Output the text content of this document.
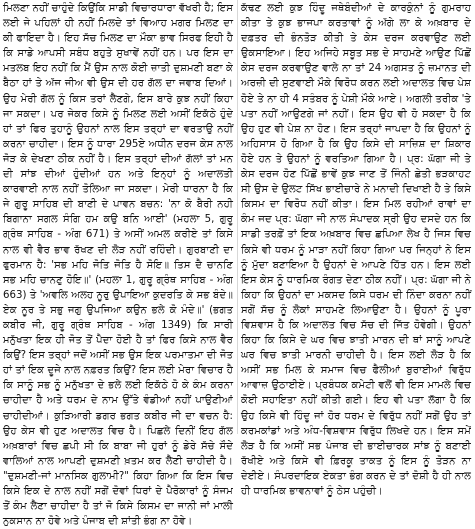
ਮਿਲਣਾ ਨਹੀਂ ਚਾਹੁੰਦੇ ਕਿਉਂਕਿ ਸਾਡੀ ਵਿਚਾਰਧਾਰਾ ਵੱਖਰੀ ਹੈ; ਇਸ ਲਈ ਜੇ ਪਹਿਲਾਂ ਹੀ ਨਹੀਂ ਮਿਲਦੇ ਤਾਂ ਵਿਆਹ ਮਗਰ ਮਿਲਣ ਦਾ ਕੀ ਫਾਇਦਾ ਹੈ। ਇਹ ਸੱਚ ਮਿਲਣ ਦਾ ਮੌਕਾ ਭਾਵ ਸਿਰਫ ਇਹੀ ਹੈ ਕਿ ਸਾਡੇ ਆਪਸੀ ਸਬੰਧ ਬਹੁਤੇ ਸੁਖਾਵੇਂ ਨਹੀਂ ਹਨ। ਪਰ ਇਸ ਦਾ ਮਤਲਬ ਇਹ ਨਹੀਂ ਕਿ ਮੈਂ ਉਸ ਨਾਲ ਕੋਈ ਜ਼ਾਤੀ ਦੁਸ਼ਮਣੀ ਬਣਾ ਕੇ ਬੈਠਾ ਹਾਂ ਤੇ ਅੱਜ ਜੀਅ ਵੀ ਉਸ ਦੀ ਹਰ ਗੱਲ ਦਾ ਜਵਾਬ ਦਿਆਂ। ਉਹ ਮੇਰੀ ਗੱਲ ਨੂੰ ਕਿਸ ਤਰਾਂ ਲੈਣਗੇ, ਇਸ ਬਾਰੇ ਕੁਝ ਨਹੀਂ ਕਿਹਾ ਜਾ ਸਕਦਾ। ਪਰ ਜੇਕਰ ਕਿਸੇ ਨੂੰ ਮਿਲਣ ਲਈ ਅਸੀਂ ਇਕੱਠੇ ਹੁੰਦੇ ਹਾਂ ਤਾਂ ਫਿਰ ਤੁਹਾਨੂੰ ਉਹਨਾਂ ਨਾਲ ਇਸ ਤਰ੍ਹਾਂ ਦਾ ਵਰਤਾਉ ਨਹੀਂ ਕਰਨਾ ਚਾਹੀਦਾ। ਇਸ ਨੂੰ ਧਾਰਾ 295ਏ ਅਧੀਨ ਦਰਜ ਕੇਸ ਨਾਲ ਜੋੜ ਕੇ ਦੇਖਣਾ ਠੀਕ ਨਹੀਂ ਹੈ। ਇਸ ਤਰ੍ਹਾਂ ਦੀਆਂ ਗੱਲਾਂ ਤਾਂ ਮਨ ਦੀ ਸਾਂਝ ਦੀਆਂ ਹੁੰਦੀਆਂ ਹਨ ਅਤੇ ਇਨ੍ਹਾਂ ਨੂੰ ਅਦਾਲਤੀ ਕਾਰਵਾਈ ਨਾਲ ਨਹੀਂ ਤੋਲਿਆ ਜਾ ਸਕਦਾ। ਮੇਰੀ ਧਾਰਨਾ ਹੈ ਕਿ ਜੇ ਗੁਰੂ ਸਾਹਿਬ ਦੀ ਬਾਣੀ ਦੇ ਪਾਵਨ ਬਚਨ: 'ਨਾ ਕੋ ਬੈਰੀ ਨਹੀ ਬਿਗਾਨਾ ਸਗਲ ਸੰਗਿ ਹਮ ਕਉ ਬਨਿ ਆਈ' (ਮਹਲਾ 5, ਗੁਰੂ ਗ੍ਰੰਥ ਸਾਹਿਬ - ਅੰਗ 671) ਤੇ ਅਸੀਂ ਅਮਲ ਕਰੀਏ ਤਾਂ ਕਿਸੇ ਨਾਲ ਵੀ ਵੈਰ ਭਾਵ ਰੱਖਣ ਦੀ ਲੋੜ ਨਹੀਂ ਰਹਿੰਦੀ। ਗੁਰਬਾਣੀ ਦਾ ਫੁਰਮਾਨ ਹੈ: 'ਸਭ ਮਹਿ ਜੋਤਿ ਜੋਤਿ ਹੈ ਸੋਇ॥ ਤਿਸ ਦੈ ਚਾਨਣਿ ਸਭ ਮਹਿ ਚਾਨਣੁ ਹੋਇ॥' (ਮਹਲਾ 1, ਗੁਰੂ ਗ੍ਰੰਥ ਸਾਹਿਬ - ਅੰਗ 663) ਤੇ 'ਅਵਲਿ ਅਲਹ ਨੂਰੁ ਉਪਾਇਆ ਕੁਦਰਤਿ ਕੇ ਸਭ ਬੰਦੇ॥ ਏਕ ਨੂਰ ਤੇ ਸਭੁ ਜਗੁ ਉਪਜਿਆ ਕਉਨ ਭਲੇ ਕੋ ਮੰਦੇ॥' (ਭਗਤ ਕਬੀਰ ਜੀ, ਗੁਰੂ ਗ੍ਰੰਥ ਸਾਹਿਬ - ਅੰਗ 1349) ਕਿ ਸਾਰੀ ਮਨੁੱਖਤਾ ਇਕ ਹੀ ਜੋਤ ਤੋਂ ਪੈਦਾ ਹੋਈ ਹੈ ਤਾਂ ਫਿਰ ਕਿਸੇ ਨਾਲ ਵੈਰ ਕਿਉਂ? ਇਸ ਤਰ੍ਹਾਂ ਜਦੋਂ ਅਸੀਂ ਸਭ ਉਸ ਇਕ ਪਰਮਾਤਮਾ ਦੀ ਜੋਤ ਹਾਂ ਤਾਂ ਇਕ ਦੂਜੇ ਨਾਲ ਨਫ਼ਰਤ ਕਿਉਂ? ਇਸ ਲਈ ਮੇਰਾ ਵਿਚਾਰ ਹੈ ਕਿ ਸਾਨੂੰ ਸਭ ਨੂੰ ਮਨੁੱਖਤਾ ਦੇ ਭਲੇ ਲਈ ਇਕੱਠੇ ਹੋ ਕੇ ਕੰਮ ਕਰਨਾ ਚਾਹੀਦਾ ਹੈ ਅਤੇ ਧਰਮ ਦੇ ਨਾਮ ਉੱਤੇ ਵੰਡੀਆਂ ਨਹੀਂ ਪਾਉਣੀਆਂ ਚਾਹੀਦੀਆਂ। ਕੁੜਿਆਰੀ ਡਗਰ ਭਗਤ ਕਬੀਰ ਜੀ ਦਾ ਵਚਨ ਹੈ: ਉਹ ਕੇਸ ਵੀ ਹੁਣ ਅਦਾਲਤ ਵਿਚ ਹੈ। ਪਿਛਲੇ ਦਿਨੀਂ ਇਹ ਗੱਲ ਅਖ਼ਬਾਰਾਂ ਵਿਚ ਛਪੀ ਸੀ ਕਿ ਬਾਬਾ ਜੀ ਹੁਰਾਂ ਨੂੰ ਡੇਰੇ ਸੱਚੇ ਸੌਦੇ ਵਾਲਿਆਂ ਨਾਲ ਆਪਣੀ ਦੁਸ਼ਮਣੀ ਖ਼ਤਮ ਕਰ ਲੈਣੀ ਚਾਹੀਦੀ ਹੈ। "ਦੁਸ਼ਮਣੀ-ਜਾਂ ਮਾਨਸਿਕ ਗੁਲਾਮੀ?" ਕਿਹਾ ਗਿਆ ਕਿ ਇਸ ਵਿਚ ਕਿਸੇ ਇਕ ਦੇ ਨਾਲ ਨਹੀਂ ਸਗੋਂ ਦੋਵਾਂ ਧਿਰਾਂ ਦੇ ਪੈਰੋਕਾਰਾਂ ਨੂੰ ਸੰਜਮ ਤੋਂ ਕੰਮ ਲੈਣਾ ਚਾਹੀਦਾ ਹੈ ਤਾਂ ਜੋ ਕਿਸੇ ਕਿਸਮ ਦਾ ਜਾਨੀ ਜਾਂ ਮਾਲੀ ਨੁਕਸਾਨ ਨਾ ਹੋਵੇ ਅਤੇ ਪੰਜਾਬ ਦੀ ਸ਼ਾਂਤੀ ਭੰਗ ਨਾ ਹੋਵੇ।

ਕੱਢਣ ਲਈ ਕੁਝ ਹਿੰਦੂ ਜਥੇਬੰਦੀਆਂ ਦੇ ਕਾਰਕੁੰਨਾਂ ਨੂੰ ਗੁਮਰਾਹ ਕੀਤਾ ਤੇ ਕੁਝ ਭਾਜਪਾ ਕਰਤਾਵਾਂ ਨੂੰ ਅੱਗੇ ਲਾ ਕੇ ਅਖ਼ਬਾਰ ਦੇ ਦਫ਼ਤਰ ਦੀ ਭੰਨਤੋੜ ਕੀਤੀ ਤੇ ਕੇਸ ਦਰਜ ਕਰਵਾਉਣ ਲਈ ਉਕਸਾਇਆ। ਇਹ ਅਜਿਹੇ ਸਬੂਤ ਸਭ ਦੇ ਸਾਹਮਣੇ ਆਉਣ ਪਿੱਛੋਂ ਕੇਸ ਦਰਜ ਕਰਵਾਉਣ ਵਾਲੇ ਨਾ ਤਾਂ 24 ਅਗਸਤ ਨੂੰ ਜ਼ਮਾਨਤ ਦੀ ਅਰਜ਼ੀ ਦੀ ਸੁਣਵਾਈ ਮੌਕੇ ਵਿਰੋਧ ਕਰਨ ਲਈ ਅਦਾਲਤ ਵਿਚ ਪੇਸ਼ ਹੋਏ ਤੇ ਨਾ ਹੀ 4 ਸਤੰਬਰ ਨੂੰ ਪੇਸ਼ੀ ਮੌਕੇ ਆਏ। ਅਗਲੀ ਤਰੀਕ 'ਤੇ ਪਤਾ ਨਹੀਂ ਆਉਣਗੇ ਜਾਂ ਨਹੀਂ। ਇਸ ਉਹ ਵੀ ਹੋ ਸਕਦਾ ਹੈ ਕਿ ਉਹ ਹੁਣ ਵੀ ਪੇਸ਼ ਨਾ ਹੋਣ। ਇਸ ਤਰ੍ਹਾਂ ਜਾਪਦਾ ਹੈ ਕਿ ਉਹਨਾਂ ਨੂੰ ਅਹਿਸਾਸ ਹੋ ਗਿਆ ਹੈ ਕਿ ਉਹ ਕਿਸੇ ਦੀ ਸਾਜ਼ਿਸ਼ ਦਾ ਸ਼ਿਕਾਰ ਹੋਏ ਹਨ ਤੇ ਉਹਨਾਂ ਨੂੰ ਵਰਤਿਆ ਗਿਆ ਹੈ। ਪ੍ਰ: ਘੱਗਾ ਜੀ ਤੇ ਕੇਸ ਦਰਜ ਹੋਣ ਪਿੱਛੋਂ ਭਾਵੇਂ ਕੁਝ ਜਾਣ ਤੋਂ ਜਿੰਨੀ ਛੇਤੀ ਭੜਕਾਹਟ ਸੀ ਉਸ ਦੇ ਉਲਟ ਸਿੱਖ ਭਾਈਚਾਰੇ ਨੇ ਮਨਾਦੀ ਦਿਖਾਈ ਹੈ ਤੇ ਕਿਸੇ ਕਿਸਮ ਦਾ ਵਿਰੋਧ ਨਹੀਂ ਕੀਤਾ। ਇਸ ਮਿਲ ਰਹੀਆਂ ਰਾਵਾਂ ਦਾ ਕੰਮ ਜਦ ਪ੍ਰ: ਘੱਗਾ ਜੀ ਨਾਲ ਸੰਪਾਦਕ ਸ੍ਰੀ ਉਹ ਦਸਦੇ ਹਨ ਕਿ ਸਾਡੀ ਤਰਫ਼ੋਂ ਤਾਂ ਇਕ ਅਖ਼ਬਾਰ ਵਿਚ ਛਪਿਆ ਲੇਖ ਹੈ ਜਿਸ ਵਿਚ ਕਿਸੇ ਵੀ ਧਰਮ ਨੂੰ ਮਾੜਾ ਨਹੀਂ ਕਿਹਾ ਗਿਆ ਪਰ ਜਿਨ੍ਹਾਂ ਨੇ ਇਸ ਨੂੰ ਮੁੱਦਾ ਬਣਾਇਆ ਹੈ ਉਹਨਾਂ ਦੇ ਆਪਣੇ ਹਿੱਤ ਹਨ। ਇਸ ਲਈ ਇਸ ਕੇਸ ਨੂੰ ਧਾਰਮਿਕ ਰੰਗਤ ਦੇਣਾ ਠੀਕ ਨਹੀਂ। ਪ੍ਰ: ਘੱਗਾ ਜੀ ਨੇ ਕਿਹਾ ਕਿ ਉਹਨਾਂ ਦਾ ਮਕਸਦ ਕਿਸੇ ਧਰਮ ਦੀ ਨਿੰਦਾ ਕਰਨਾ ਨਹੀਂ ਸਗੋਂ ਸੱਚ ਨੂੰ ਲੋਕਾਂ ਸਾਹਮਣੇ ਲਿਆਉਣਾ ਹੈ। ਉਹਨਾਂ ਨੂੰ ਪੂਰਾ ਵਿਸ਼ਵਾਸ ਹੈ ਕਿ ਅਦਾਲਤ ਵਿਚ ਸੱਚ ਦੀ ਜਿੱਤ ਹੋਵੇਗੀ। ਉਹਨਾਂ ਕਿਹਾ ਕਿ ਕਿਸੇ ਦੇ ਘਰ ਵਿਚ ਝਾਤੀ ਮਾਰਨ ਦੀ ਥਾਂ ਸਾਨੂੰ ਆਪਣੇ ਘਰ ਵਿਚ ਝਾਤੀ ਮਾਰਨੀ ਚਾਹੀਦੀ ਹੈ। ਇਸ ਲਈ ਲੋੜ ਹੈ ਕਿ ਅਸੀਂ ਸਭ ਮਿਲ ਕੇ ਸਮਾਜ ਵਿਚ ਫੈਲੀਆਂ ਬੁਰਾਈਆਂ ਵਿਰੁੱਧ ਆਵਾਜ਼ ਉਠਾਈਏ। ਪ੍ਰਬੰਧਕ ਕਮੇਟੀ ਵਲੋਂ ਵੀ ਇਸ ਮਾਮਲੇ ਵਿਚ ਕੋਈ ਸਹਾਇਤਾ ਨਹੀਂ ਕੀਤੀ ਗਈ। ਇਹ ਵੀ ਪਤਾ ਲੱਗਾ ਹੈ ਕਿ ਉਹ ਕਿਸੇ ਵੀ ਹਿੰਦੂ ਜਾਂ ਹੋਰ ਧਰਮ ਦੇ ਵਿਰੁੱਧ ਨਹੀਂ ਸਗੋਂ ਉਹ ਤਾਂ ਕਰਮਕਾਂਡਾਂ ਅਤੇ ਅੰਧ-ਵਿਸ਼ਵਾਸ ਵਿਰੁੱਧ ਲਿਖਦੇ ਹਨ। ਇਸ ਸਮੇਂ ਲੋੜ ਹੈ ਕਿ ਅਸੀਂ ਸਭ ਪੰਜਾਬ ਦੀ ਭਾਈਚਾਰਕ ਸਾਂਝ ਨੂੰ ਬਣਾਈ ਰੱਖੀਏ ਅਤੇ ਕਿਸੇ ਵੀ ਫ਼ਿਰਕੂ ਤਾਕਤ ਨੂੰ ਇਸ ਨੂੰ ਤੋੜਨ ਨਾ ਦੇਈਏ। ਸੰਪਰਦਾਇਕ ਏਕਤਾ ਭੰਗ ਕਰਨ ਦੇ ਤਾਂ ਦੋਸ਼ੀ ਹੈ ਹੀ ਨਾਲ ਹੀ ਧਾਰਮਿਕ ਭਾਵਨਾਵਾਂ ਨੂੰ ਠੇਸ ਪਹੁੰਚੀ।
